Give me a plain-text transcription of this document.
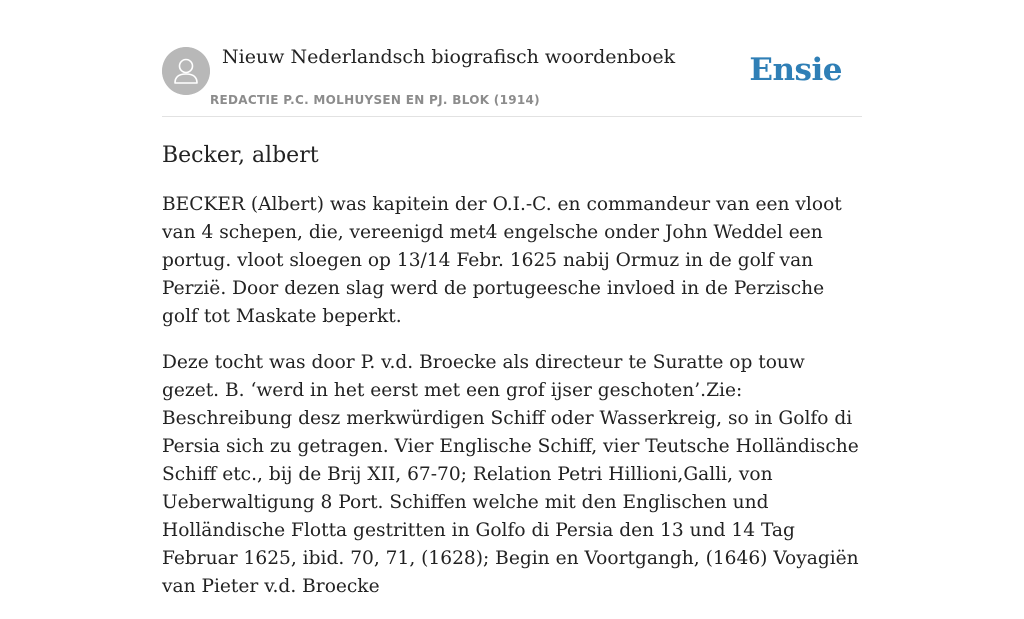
Nieuw Nederlandsch biografisch woordenboek
REDACTIE P.C. MOLHUYSEN EN PJ. BLOK (1914)
Ensie
Becker, albert

BECKER (Albert) was kapitein der O.I.-C. en commandeur van een vloot van 4 schepen, die, vereenigd met4 engelsche onder John Weddel een portug. vloot sloegen op 13/14 Febr. 1625 nabij Ormuz in de golf van Perzië. Door dezen slag werd de portugeesche invloed in de Perzische golf tot Maskate beperkt.

Deze tocht was door P. v.d. Broecke als directeur te Suratte op touw gezet. B. ‘werd in het eerst met een grof ijser geschoten’.Zie: Beschreibung desz merkwürdigen Schiff oder Wasserkreig, so in Golfo di Persia sich zu getragen. Vier Englische Schiff, vier Teutsche Holländische Schiff etc., bij de Brij XII, 67-70; Relation Petri Hillioni,Galli, von Ueberwaltigung 8 Port. Schiffen welche mit den Englischen und Holländische Flotta gestritten in Golfo di Persia den 13 und 14 Tag Februar 1625, ibid. 70, 71, (1628); Begin en Voortgangh, (1646) Voyagiën van Pieter v.d. Broecke
